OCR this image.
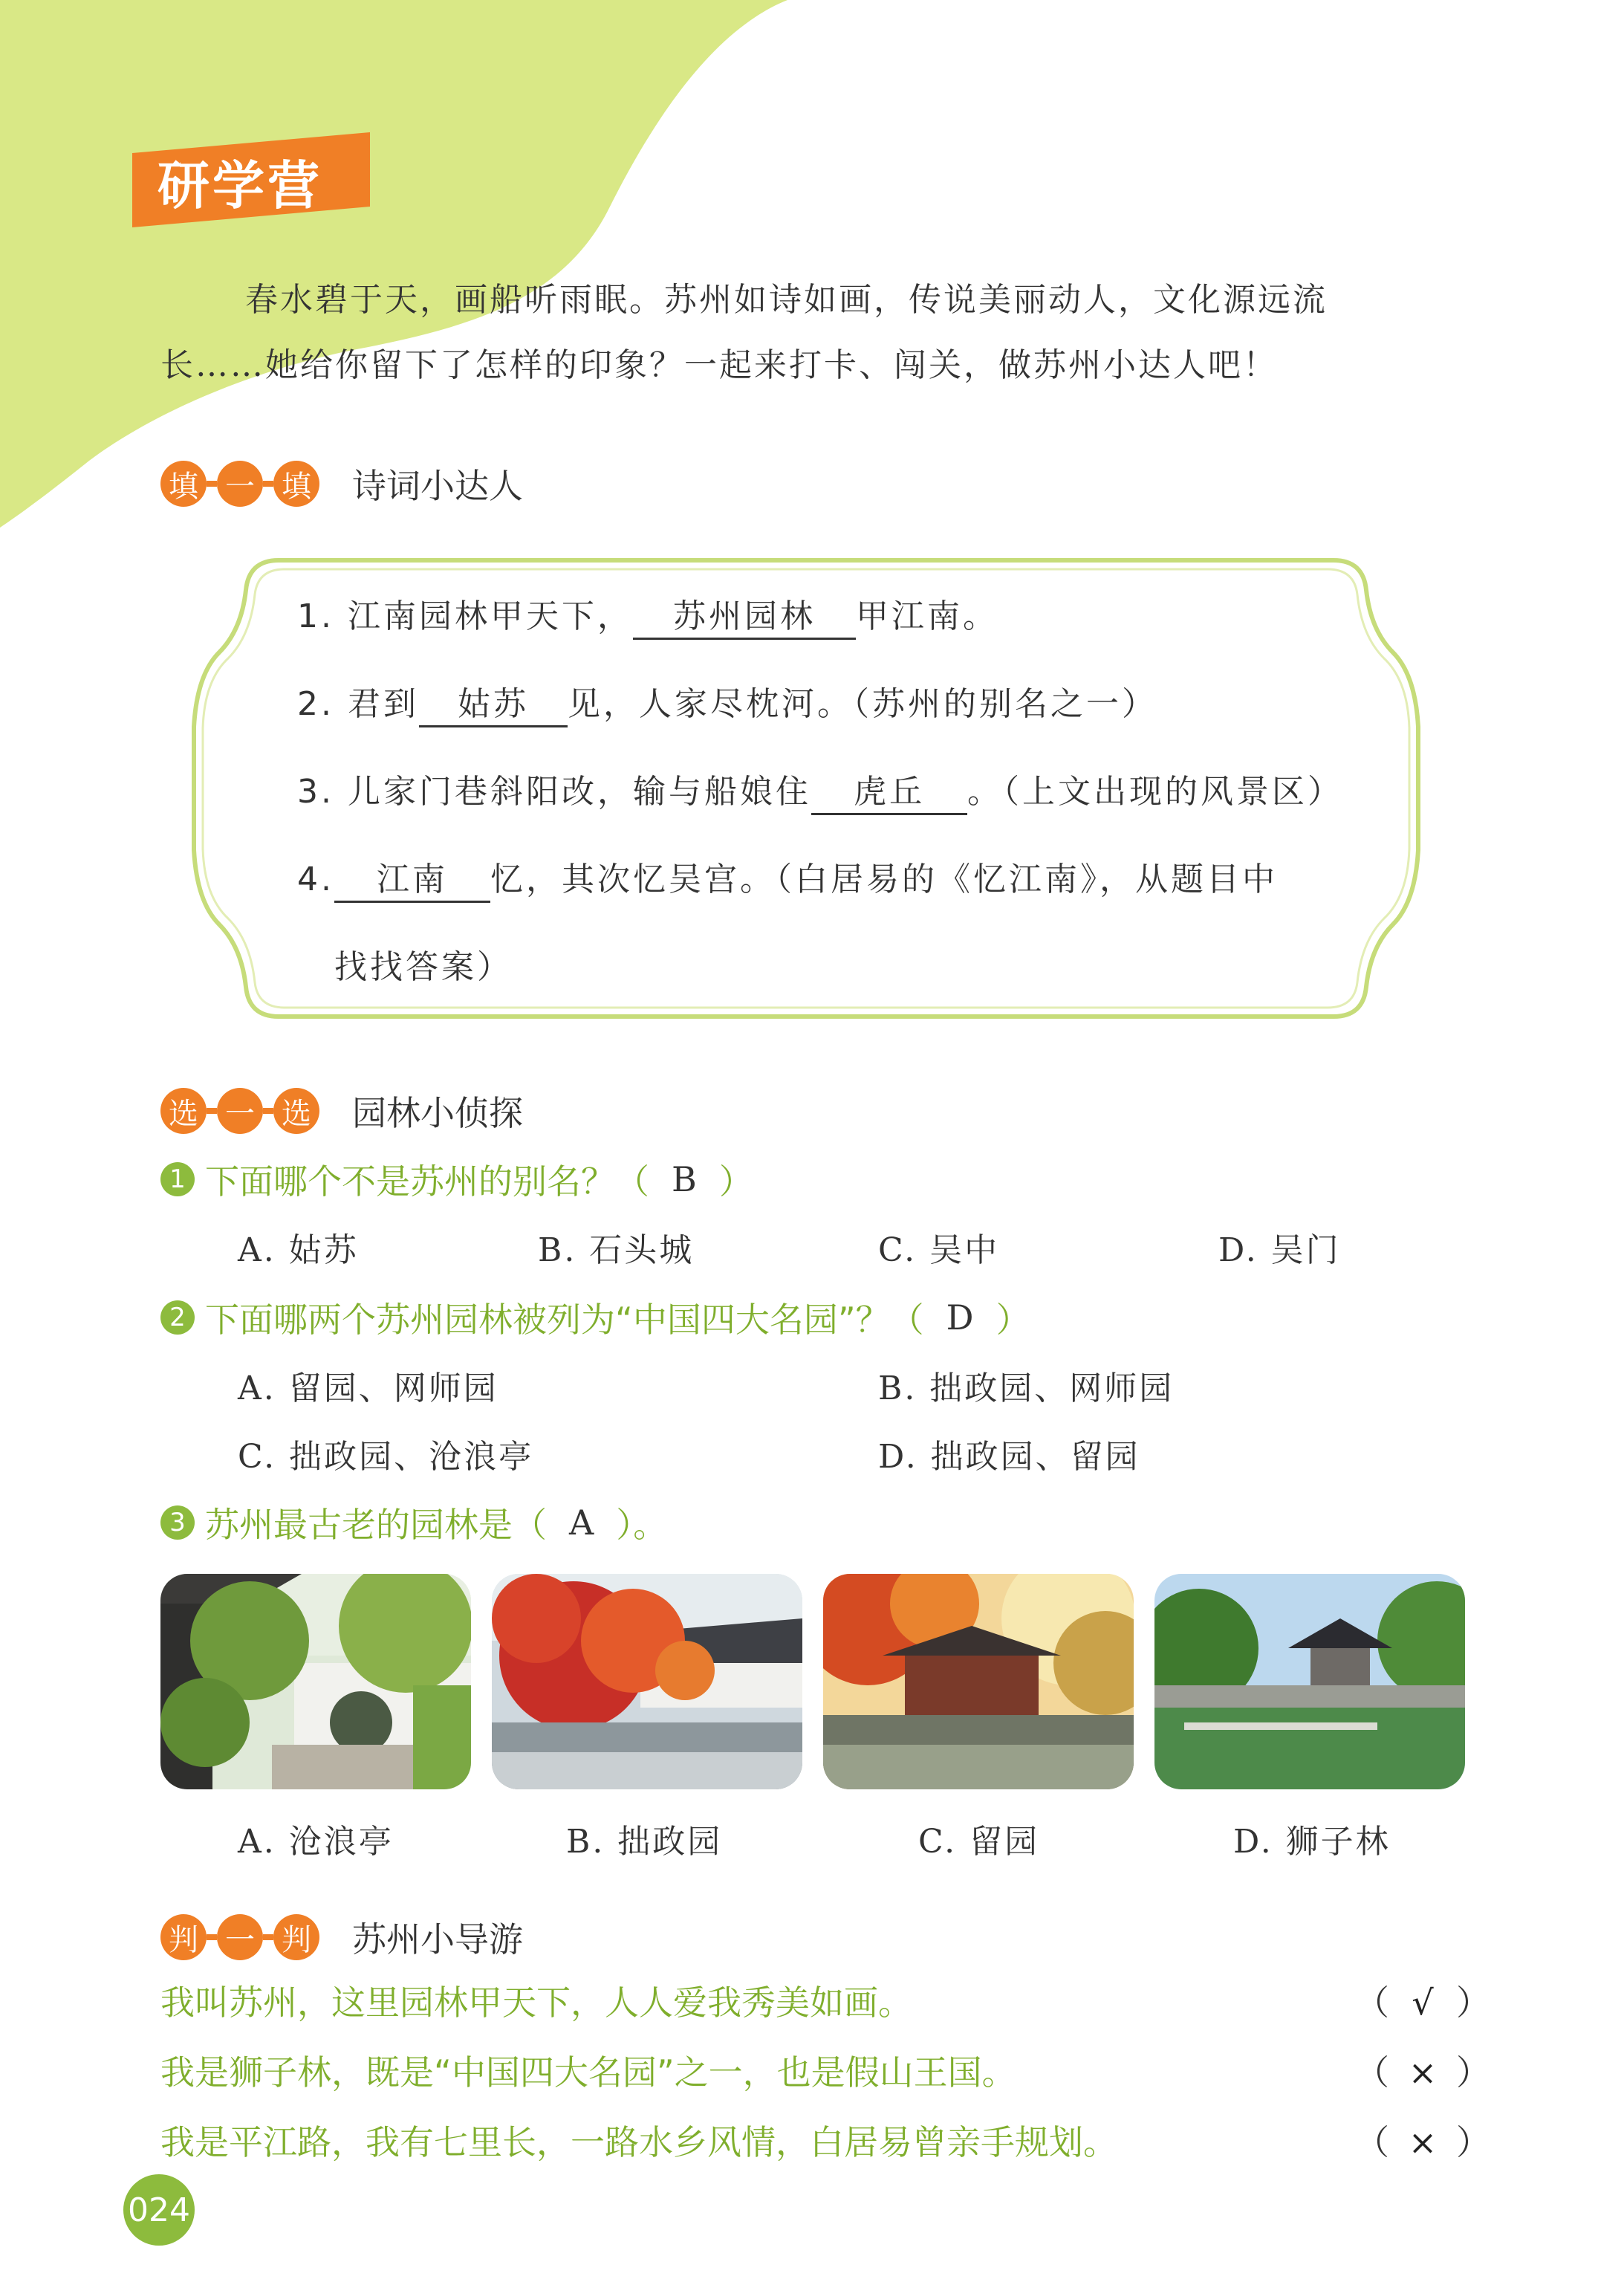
研学营

春水碧于天，画船听雨眠。苏州如诗如画，传说美丽动人，文化源远流

长……她给你留下了怎样的印象？一起来打卡、闯关，做苏州小达人吧！

填 一 填 诗词小达人
1. 江南园林甲天下， 苏州园林 甲江南。
2. 君到 姑苏 见，人家尽枕河。（苏州的别名之一）
3. 儿家门巷斜阳改，输与船娘住 虎丘 。（上文出现的风景区）
4. 江南 忆，其次忆吴宫。（白居易的《忆江南》，从题目中
找找答案）
选 一 选 园林小侦探
1 下面哪个不是苏州的别名？（ B ）
A. 姑苏	B. 石头城	C. 吴中	D. 吴门
2 下面哪两个苏州园林被列为“中国四大名园”？（ D ）
A. 留园、网师园	B. 拙政园、网师园
C. 拙政园、沧浪亭	D. 拙政园、留园
3 苏州最古老的园林是（ A ）。
A. 沧浪亭	B. 拙政园	C. 留园	D. 狮子林
判 一 判 苏州小导游
我叫苏州，这里园林甲天下，人人爱我秀美如画。	（ √ ）
我是狮子林，既是“中国四大名园”之一，也是假山王国。	（ × ）
我是平江路，我有七里长，一路水乡风情，白居易曾亲手规划。	（ × ）
024
